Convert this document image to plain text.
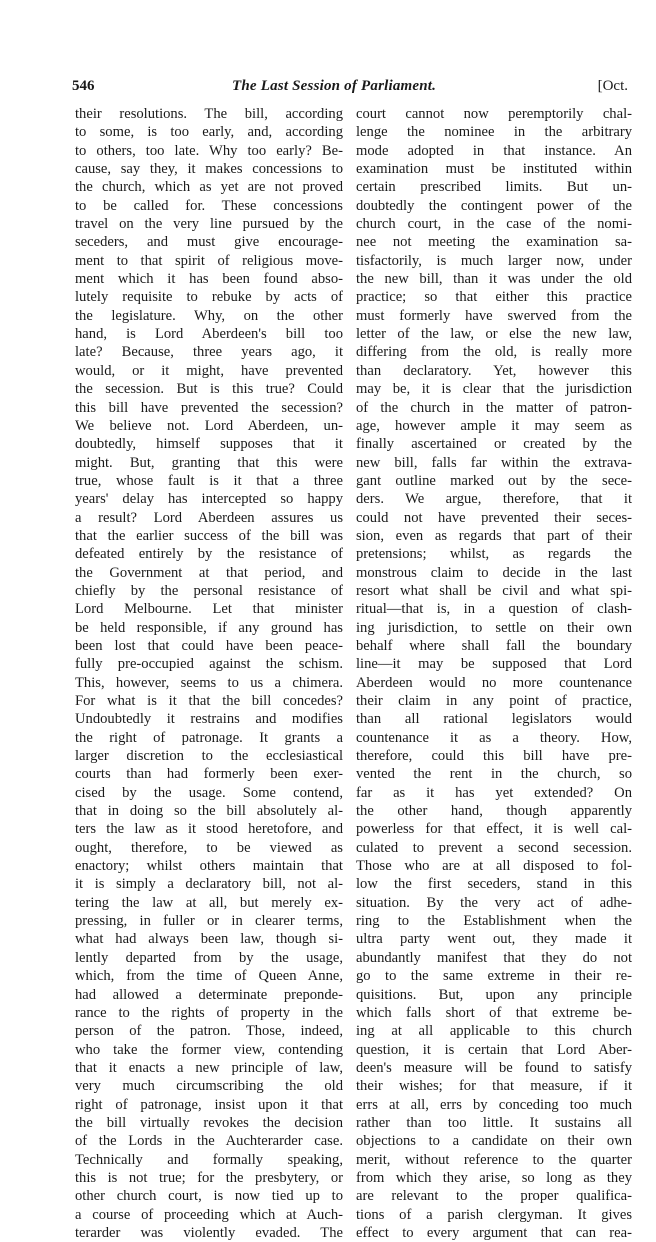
546	The Last Session of Parliament.	[Oct.
their resolutions. The bill, according
to some, is too early, and, according
to others, too late. Why too early? Be-
cause, say they, it makes concessions to
the church, which as yet are not proved
to be called for. These concessions
travel on the very line pursued by the
seceders, and must give encourage-
ment to that spirit of religious move-
ment which it has been found abso-
lutely requisite to rebuke by acts of
the legislature. Why, on the other
hand, is Lord Aberdeen's bill too
late? Because, three years ago, it
would, or it might, have prevented
the secession. But is this true? Could
this bill have prevented the secession?
We believe not. Lord Aberdeen, un-
doubtedly, himself supposes that it
might. But, granting that this were
true, whose fault is it that a three
years' delay has intercepted so happy
a result? Lord Aberdeen assures us
that the earlier success of the bill was
defeated entirely by the resistance of
the Government at that period, and
chiefly by the personal resistance of
Lord Melbourne. Let that minister
be held responsible, if any ground has
been lost that could have been peace-
fully pre-occupied against the schism.
This, however, seems to us a chimera.
For what is it that the bill concedes?
Undoubtedly it restrains and modifies
the right of patronage. It grants a
larger discretion to the ecclesiastical
courts than had formerly been exer-
cised by the usage. Some contend,
that in doing so the bill absolutely al-
ters the law as it stood heretofore, and
ought, therefore, to be viewed as
enactory; whilst others maintain that
it is simply a declaratory bill, not al-
tering the law at all, but merely ex-
pressing, in fuller or in clearer terms,
what had always been law, though si-
lently departed from by the usage,
which, from the time of Queen Anne,
had allowed a determinate preponde-
rance to the rights of property in the
person of the patron. Those, indeed,
who take the former view, contending
that it enacts a new principle of law,
very much circumscribing the old
right of patronage, insist upon it that
the bill virtually revokes the decision
of the Lords in the Auchterarder case.
Technically and formally speaking,
this is not true; for the presbytery, or
other church court, is now tied up to
a course of proceeding which at Auch-
terarder was violently evaded. The
court cannot now peremptorily chal-
lenge the nominee in the arbitrary
mode adopted in that instance. An
examination must be instituted within
certain prescribed limits. But un-
doubtedly the contingent power of the
church court, in the case of the nomi-
nee not meeting the examination sa-
tisfactorily, is much larger now, under
the new bill, than it was under the old
practice; so that either this practice
must formerly have swerved from the
letter of the law, or else the new law,
differing from the old, is really more
than declaratory. Yet, however this
may be, it is clear that the jurisdiction
of the church in the matter of patron-
age, however ample it may seem as
finally ascertained or created by the
new bill, falls far within the extrava-
gant outline marked out by the sece-
ders. We argue, therefore, that it
could not have prevented their seces-
sion, even as regards that part of their
pretensions; whilst, as regards the
monstrous claim to decide in the last
resort what shall be civil and what spi-
ritual—that is, in a question of clash-
ing jurisdiction, to settle on their own
behalf where shall fall the boundary
line—it may be supposed that Lord
Aberdeen would no more countenance
their claim in any point of practice,
than all rational legislators would
countenance it as a theory. How,
therefore, could this bill have pre-
vented the rent in the church, so
far as it has yet extended? On
the other hand, though apparently
powerless for that effect, it is well cal-
culated to prevent a second secession.
Those who are at all disposed to fol-
low the first seceders, stand in this
situation. By the very act of adhe-
ring to the Establishment when the
ultra party went out, they made it
abundantly manifest that they do not
go to the same extreme in their re-
quisitions. But, upon any principle
which falls short of that extreme be-
ing at all applicable to this church
question, it is certain that Lord Aber-
deen's measure will be found to satisfy
their wishes; for that measure, if it
errs at all, errs by conceding too much
rather than too little. It sustains all
objections to a candidate on their own
merit, without reference to the quarter
from which they arise, so long as they
are relevant to the proper qualifica-
tions of a parish clergyman. It gives
effect to every argument that can rea-
